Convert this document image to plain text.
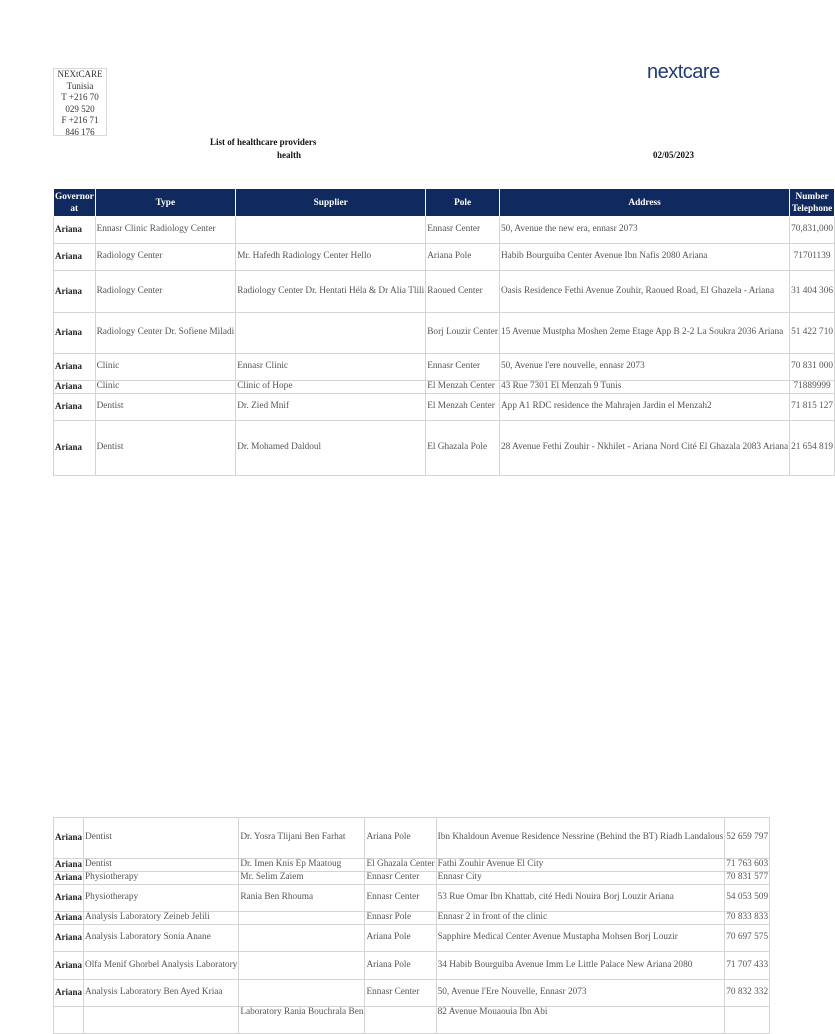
NEXtCARE
Tunisia
T +216 70
029 520
F +216 71
846 176
nextcare
List of healthcare providers
health	02/05/2023
Governor at	Type	Supplier	Pole	Address	Number Telephone
Ariana	Ennasr Clinic Radiology Center		Ennasr Center	50, Avenue the new era, ennasr 2073	70,831,000
Ariana	Radiology Center	Mr. Hafedh Radiology Center Hello	Ariana Pole	Habib Bourguiba Center Avenue Ibn Nafis 2080 Ariana	71701139
Ariana	Radiology Center	Radiology Center Dr. Hentati Héla & Dr Alia Tlili	Raoued Center	Oasis Residence Fethi Avenue Zouhir, Raoued Road, El Ghazela - Ariana	31 404 306
Ariana	Radiology Center Dr. Sofiene Miladi		Borj Louzir Center	15 Avenue Mustpha Moshen 2eme Etage App B 2-2 La Soukra 2036 Ariana	51 422 710
Ariana	Clinic	Ennasr Clinic	Ennasr Center	50, Avenue l'ere nouvelle, ennasr 2073	70 831 000
Ariana	Clinic	Clinic of Hope	El Menzah Center	43 Rue 7301 El Menzah 9 Tunis	71889999
Ariana	Dentist	Dr. Zied Mnif	El Menzah Center	App A1 RDC residence the Mahrajen Jardin el Menzah2	71 815 127
Ariana	Dentist	Dr. Mohamed Daldoul	El Ghazala Pole	28 Avenue Fethi Zouhir - Nkhilet - Ariana Nord Cité El Ghazala 2083 Ariana	21 654 819
Ariana	Dentist	Dr. Yosra Tlijani Ben Farhat	Ariana Pole	Ibn Khaldoun Avenue Residence Nessrine (Behind the BT) Riadh Landalous	52 659 797
Ariana	Dentist	Dr. Imen Knis Ep Maatoug	El Ghazala Center	Fathi Zouhir Avenue El City	71 763 603
Ariana	Physiotherapy	Mr. Selim Zaiem	Ennasr Center	Ennasr City	70 831 577
Ariana	Physiotherapy	Rania Ben Rhouma	Ennasr Center	53 Rue Omar Ibn Khattab, cité Hedi Nouira Borj Louzir Ariana	54 053 509
Ariana	Analysis Laboratory Zeineb Jelili		Ennasr Pole	Ennasr 2 in front of the clinic	70 833 833
Ariana	Analysis Laboratory Sonia Anane		Ariana Pole	Sapphire Medical Center Avenue Mustapha Mohsen Borj Louzir	70 697 575
Ariana	Olfa Menif Ghorbel Analysis Laboratory		Ariana Pole	34 Habib Bourguiba Avenue Imm Le Little Palace New Ariana 2080	71 707 433
Ariana	Analysis Laboratory Ben Ayed Kriaa		Ennasr Center	50, Avenue l'Ere Nouvelle, Ennasr 2073	70 832 332
		Laboratory Rania Bouchrala Ben		82 Avenue Mouaouia Ibn Abi	
